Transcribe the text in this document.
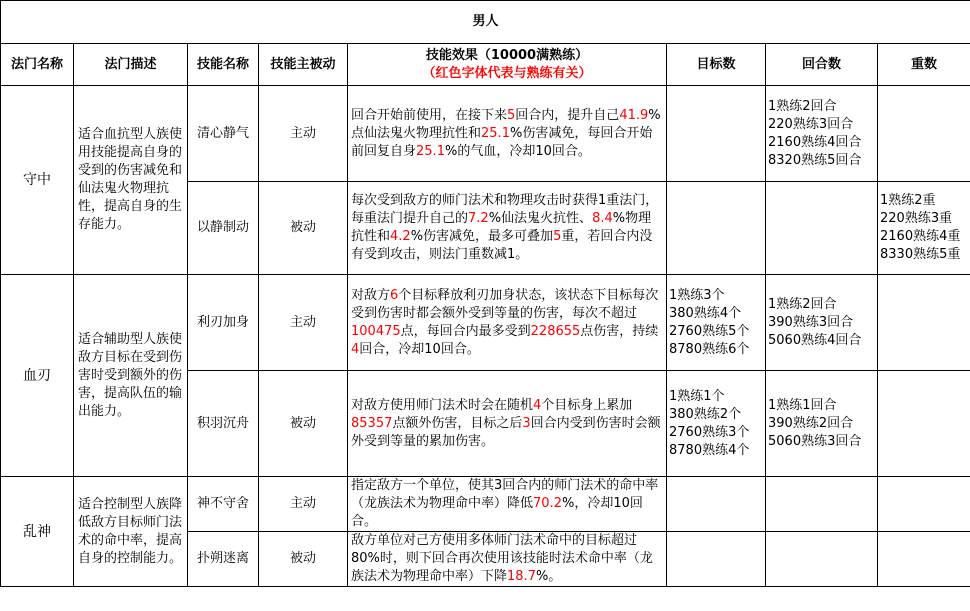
男人							
法门名称	法门描述	技能名称	技能主被动	技能效果（10000满熟练）
（红色字体代表与熟练有关）	目标数	回合数	重数
守中	适合血抗型人族使用技能提高自身的受到的伤害减免和仙法鬼火物理抗性，提高自身的生存能力。	清心静气	主动	回合开始前使用，在接下来5回合内，提升自己41.9%点仙法鬼火物理抗性和25.1%伤害减免，每回合开始前回复自身25.1%的气血，冷却10回合。		1熟练2回合
220熟练3回合
2160熟练4回合
8320熟练5回合	

		以静制动	被动	每次受到敌方的师门法术和物理攻击时获得1重法门，每重法门提升自己的7.2%仙法鬼火抗性、8.4%物理抗性和4.2%伤害减免，最多可叠加5重，若回合内没有受到攻击，则法门重数减1。			1熟练2重
220熟练3重
2160熟练4重
8330熟练5重

血刃	适合辅助型人族使敌方目标在受到伤害时受到额外的伤害，提高队伍的输出能力。	利刃加身	主动	对敌方6个目标释放利刃加身状态，该状态下目标每次受到伤害时都会额外受到等量的伤害，每次不超过100475点，每回合内最多受到228655点伤害，持续4回合，冷却10回合。	1熟练3个
380熟练4个
2760熟练5个
8780熟练6个	1熟练2回合
390熟练3回合
5060熟练4回合	

		积羽沉舟	被动	对敌方使用师门法术时会在随机4个目标身上累加85357点额外伤害，目标之后3回合内受到伤害时会额外受到等量的累加伤害。	1熟练1个
380熟练2个
2760熟练3个
8780熟练4个	1熟练1回合
390熟练2回合
5060熟练3回合	

乱神	适合控制型人族降低敌方目标师门法术的命中率，提高自身的控制能力。	神不守舍	主动	指定敌方一个单位，使其3回合内的师门法术的命中率（龙族法术为物理命中率）降低70.2%，冷却10回合。			
		扑朔迷离	被动	敌方单位对己方使用多体师门法术命中的目标超过80%时，则下回合再次使用该技能时法术命中率（龙族法术为物理命中率）下降18.7%。			
